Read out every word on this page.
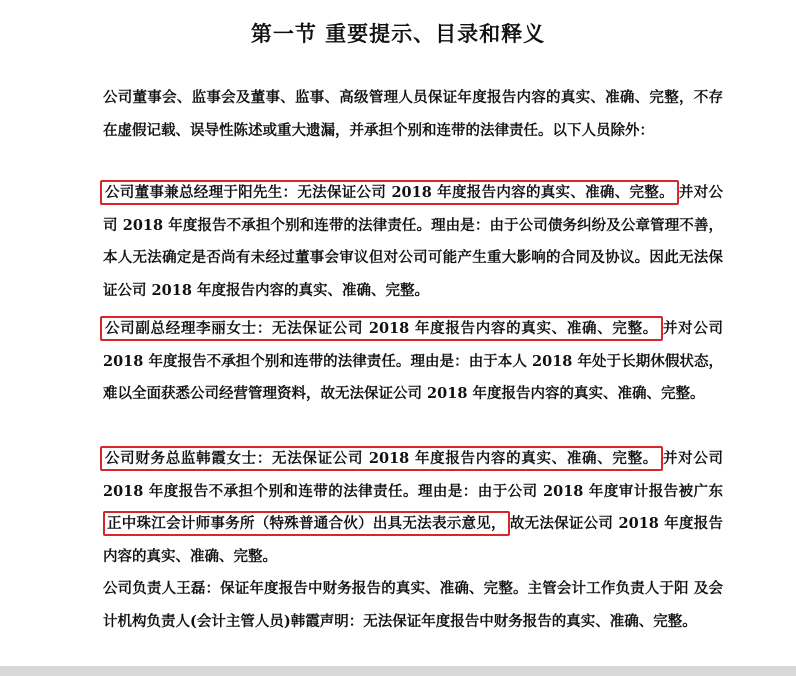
第一节 重要提示、目录和释义

公司董事会、监事会及董事、监事、高级管理人员保证年度报告内容的真实、准确、完整，不存在虚假记载、误导性陈述或重大遗漏，并承担个别和连带的法律责任。以下人员除外：

公司董事兼总经理于阳先生：无法保证公司 2018 年度报告内容的真实、准确、完整。 并对公司 2018 年度报告不承担个别和连带的法律责任。理由是：由于公司债务纠纷及公章管理不善，本人无法确定是否尚有未经过董事会审议但对公司可能产生重大影响的合同及协议。因此无法保证公司 2018 年度报告内容的真实、准确、完整。

公司副总经理李丽女士：无法保证公司 2018 年度报告内容的真实、准确、完整。 并对公司 2018 年度报告不承担个别和连带的法律责任。理由是：由于本人 2018 年处于长期休假状态，难以全面获悉公司经营管理资料，故无法保证公司 2018 年度报告内容的真实、准确、完整。

公司财务总监韩霞女士：无法保证公司 2018 年度报告内容的真实、准确、完整。 并对公司 2018 年度报告不承担个别和连带的法律责任。理由是：由于公司 2018 年度审计报告被广东正中珠江会计师事务所（特殊普通合伙）出具无法表示意见， 故无法保证公司 2018 年度报告内容的真实、准确、完整。

公司负责人王磊：保证年度报告中财务报告的真实、准确、完整。主管会计工作负责人于阳 及会计机构负责人(会计主管人员)韩霞声明：无法保证年度报告中财务报告的真实、准确、完整。
